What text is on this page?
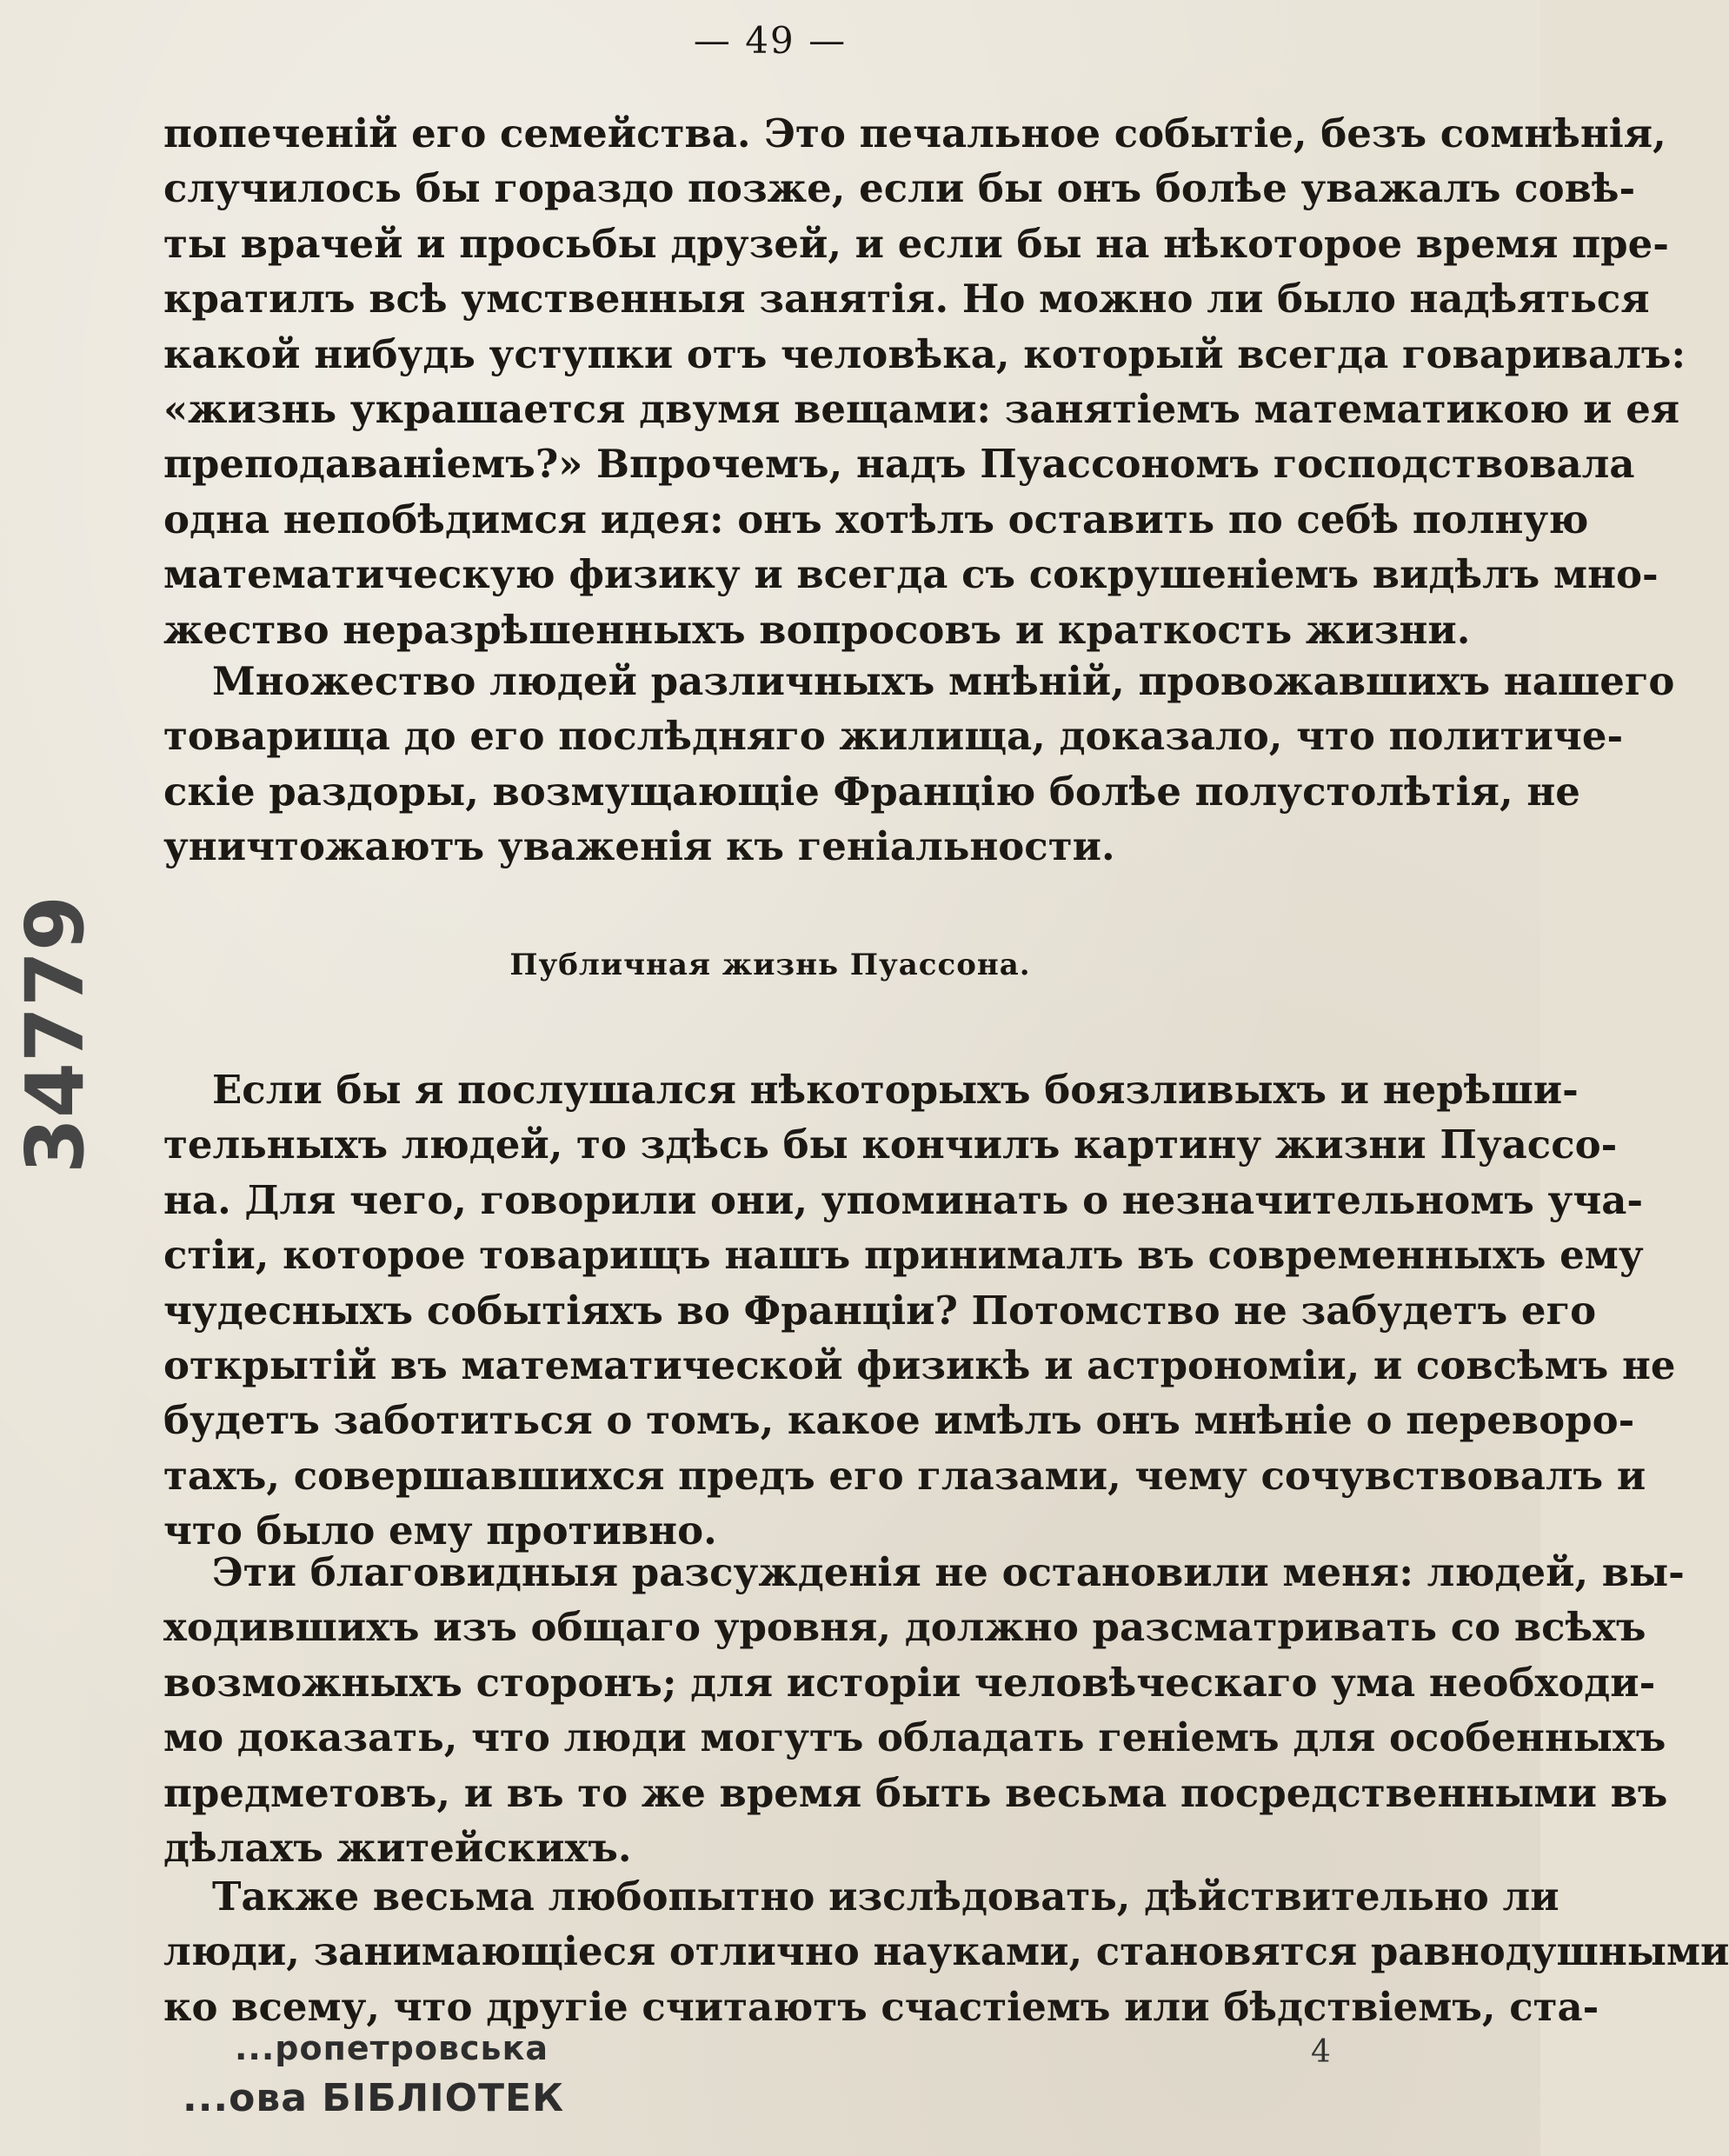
— 49 —
попеченій его семейства. Это печальное событіе, безъ сомнѣнія,
случилось бы гораздо позже, если бы онъ болѣе уважалъ совѣ-
ты врачей и просьбы друзей, и если бы на нѣкоторое время пре-
кратилъ всѣ умственныя занятія. Но можно ли было надѣяться
какой нибудь уступки отъ человѣка, который всегда говаривалъ:
«жизнь украшается двумя вещами: занятіемъ математикою и ея
преподаваніемъ?» Впрочемъ, надъ Пуассономъ господствовала
одна непобѣдимся идея: онъ хотѣлъ оставить по себѣ полную
математическую физику и всегда съ сокрушеніемъ видѣлъ мно-
жество неразрѣшенныхъ вопросовъ и краткость жизни.
Множество людей различныхъ мнѣній, провожавшихъ нашего
товарища до его послѣдняго жилища, доказало, что политиче-
скіе раздоры, возмущающіе Францію болѣе полустолѣтія, не
уничтожаютъ уваженія къ геніальности.
Публичная жизнь Пуассона.
Если бы я послушался нѣкоторыхъ боязливыхъ и нерѣши-
тельныхъ людей, то здѣсь бы кончилъ картину жизни Пуассо-
на. Для чего, говорили они, упоминать о незначительномъ уча-
стіи, которое товарищъ нашъ принималъ въ современныхъ ему
чудесныхъ событіяхъ во Франціи? Потомство не забудетъ его
открытій въ математической физикѣ и астрономіи, и совсѣмъ не
будетъ заботиться о томъ, какое имѣлъ онъ мнѣніе о переворо-
тахъ, совершавшихся предъ его глазами, чему сочувствовалъ и
что было ему противно.
Эти благовидныя разсужденія не остановили меня: людей, вы-
ходившихъ изъ общаго уровня, должно разсматривать со всѣхъ
возможныхъ сторонъ; для исторіи человѣческаго ума необходи-
мо доказать, что люди могутъ обладать геніемъ для особенныхъ
предметовъ, и въ то же время быть весьма посредственными въ
дѣлахъ житейскихъ.
Также весьма любопытно изслѣдовать, дѣйствительно ли
люди, занимающіеся отлично науками, становятся равнодушными
ко всему, что другіе считаютъ счастіемъ или бѣдствіемъ, ста-
34779
...ропетровська
...ова БІБЛІОТЕК
4
